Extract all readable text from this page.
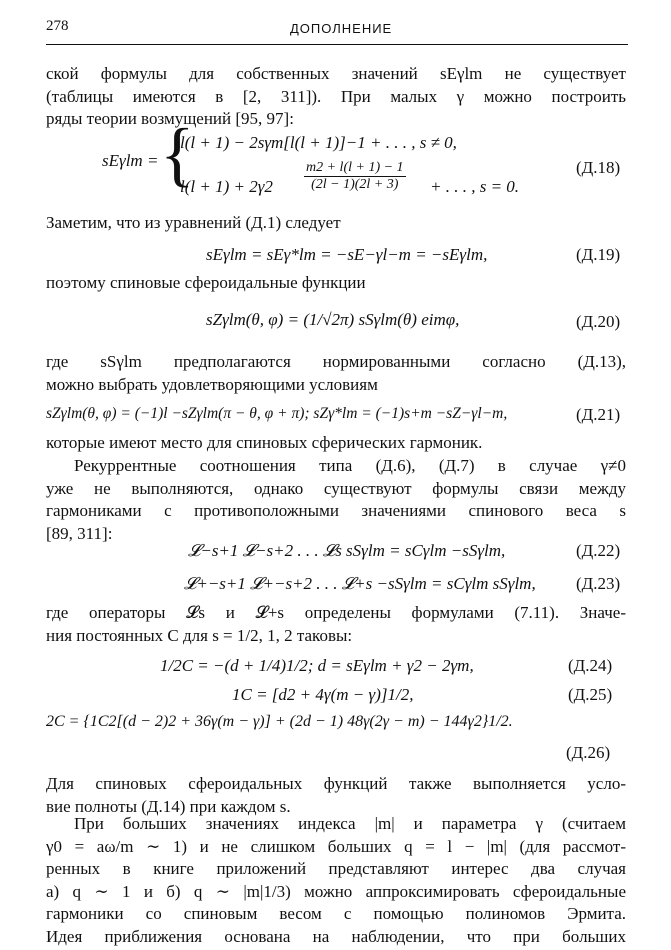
278	ДОПОЛНЕНИЕ
ской формулы для собственных значений sEγlm не существует
(таблицы имеются в [2, 311]). При малых γ можно построить
ряды теории возмущений [95, 97]:
sEγlm = {
l(l + 1) − 2sγm[l(l + 1)]−1 + . . . , s ≠ 0,
$l(l + 1) + 2\gamma 2 \frac{m2 + l(l + 1) - 1}{(2l - 1)(2l + 3)}$ + . . . , s = 0.
(Д.18)
Заметим, что из уравнений (Д.1) следует
sEγlm = sEγ*lm = −sE−γl−m = −sEγlm,	(Д.19)
поэтому спиновые сфероидальные функции
sZγlm(θ, φ) = (1/√2π) sSγlm(θ) eimφ,	(Д.20)
где sSγlm предполагаются нормированными согласно (Д.13),
можно выбрать удовлетворяющими условиям
sZγlm(θ, φ) = (−1)l −sZγlm(π − θ, φ + π); sZγ*lm = (−1)s+m −sZ−γl−m,	(Д.21)
которые имеют место для спиновых сферических гармоник.
Рекуррентные соотношения типа (Д.6), (Д.7) в случае γ≠0
уже не выполняются, однако существуют формулы связи между
гармониками с противоположными значениями спинового веса s
[89, 311]:
𝓛−s+1 𝓛−s+2 . . . 𝓛s sSγlm = sCγlm −sSγlm,	(Д.22)
𝓛+−s+1 𝓛+−s+2 . . . 𝓛+s −sSγlm = sCγlm sSγlm, (Д.23)
где операторы 𝓛s и 𝓛+s определены формулами (7.11). Значе-
ния постоянных C для s = 1/2, 1, 2 таковы:
1/2C = −(d + 1/4)1/2; d = sEγlm + γ2 − 2γm,	(Д.24)
1C = [d2 + 4γ(m − γ)]1/2,	(Д.25)
2C = {1C2[(d − 2)2 + 36γ(m − γ)] + (2d − 1) 48γ(2γ − m) − 144γ2}1/2.
(Д.26)
Для спиновых сфероидальных функций также выполняется усло-
вие полноты (Д.14) при каждом s.
При больших значениях индекса |m| и параметра γ (считаем
γ0 = aω/m ∼ 1) и не слишком больших q = l − |m| (для рассмот-
ренных в книге приложений представляют интерес два случая
а) q ∼ 1 и б) q ∼ |m|1/3) можно аппроксимировать сфероидальные
гармоники со спиновым весом с помощью полиномов Эрмита.
Идея приближения основана на наблюдении, что при больших
